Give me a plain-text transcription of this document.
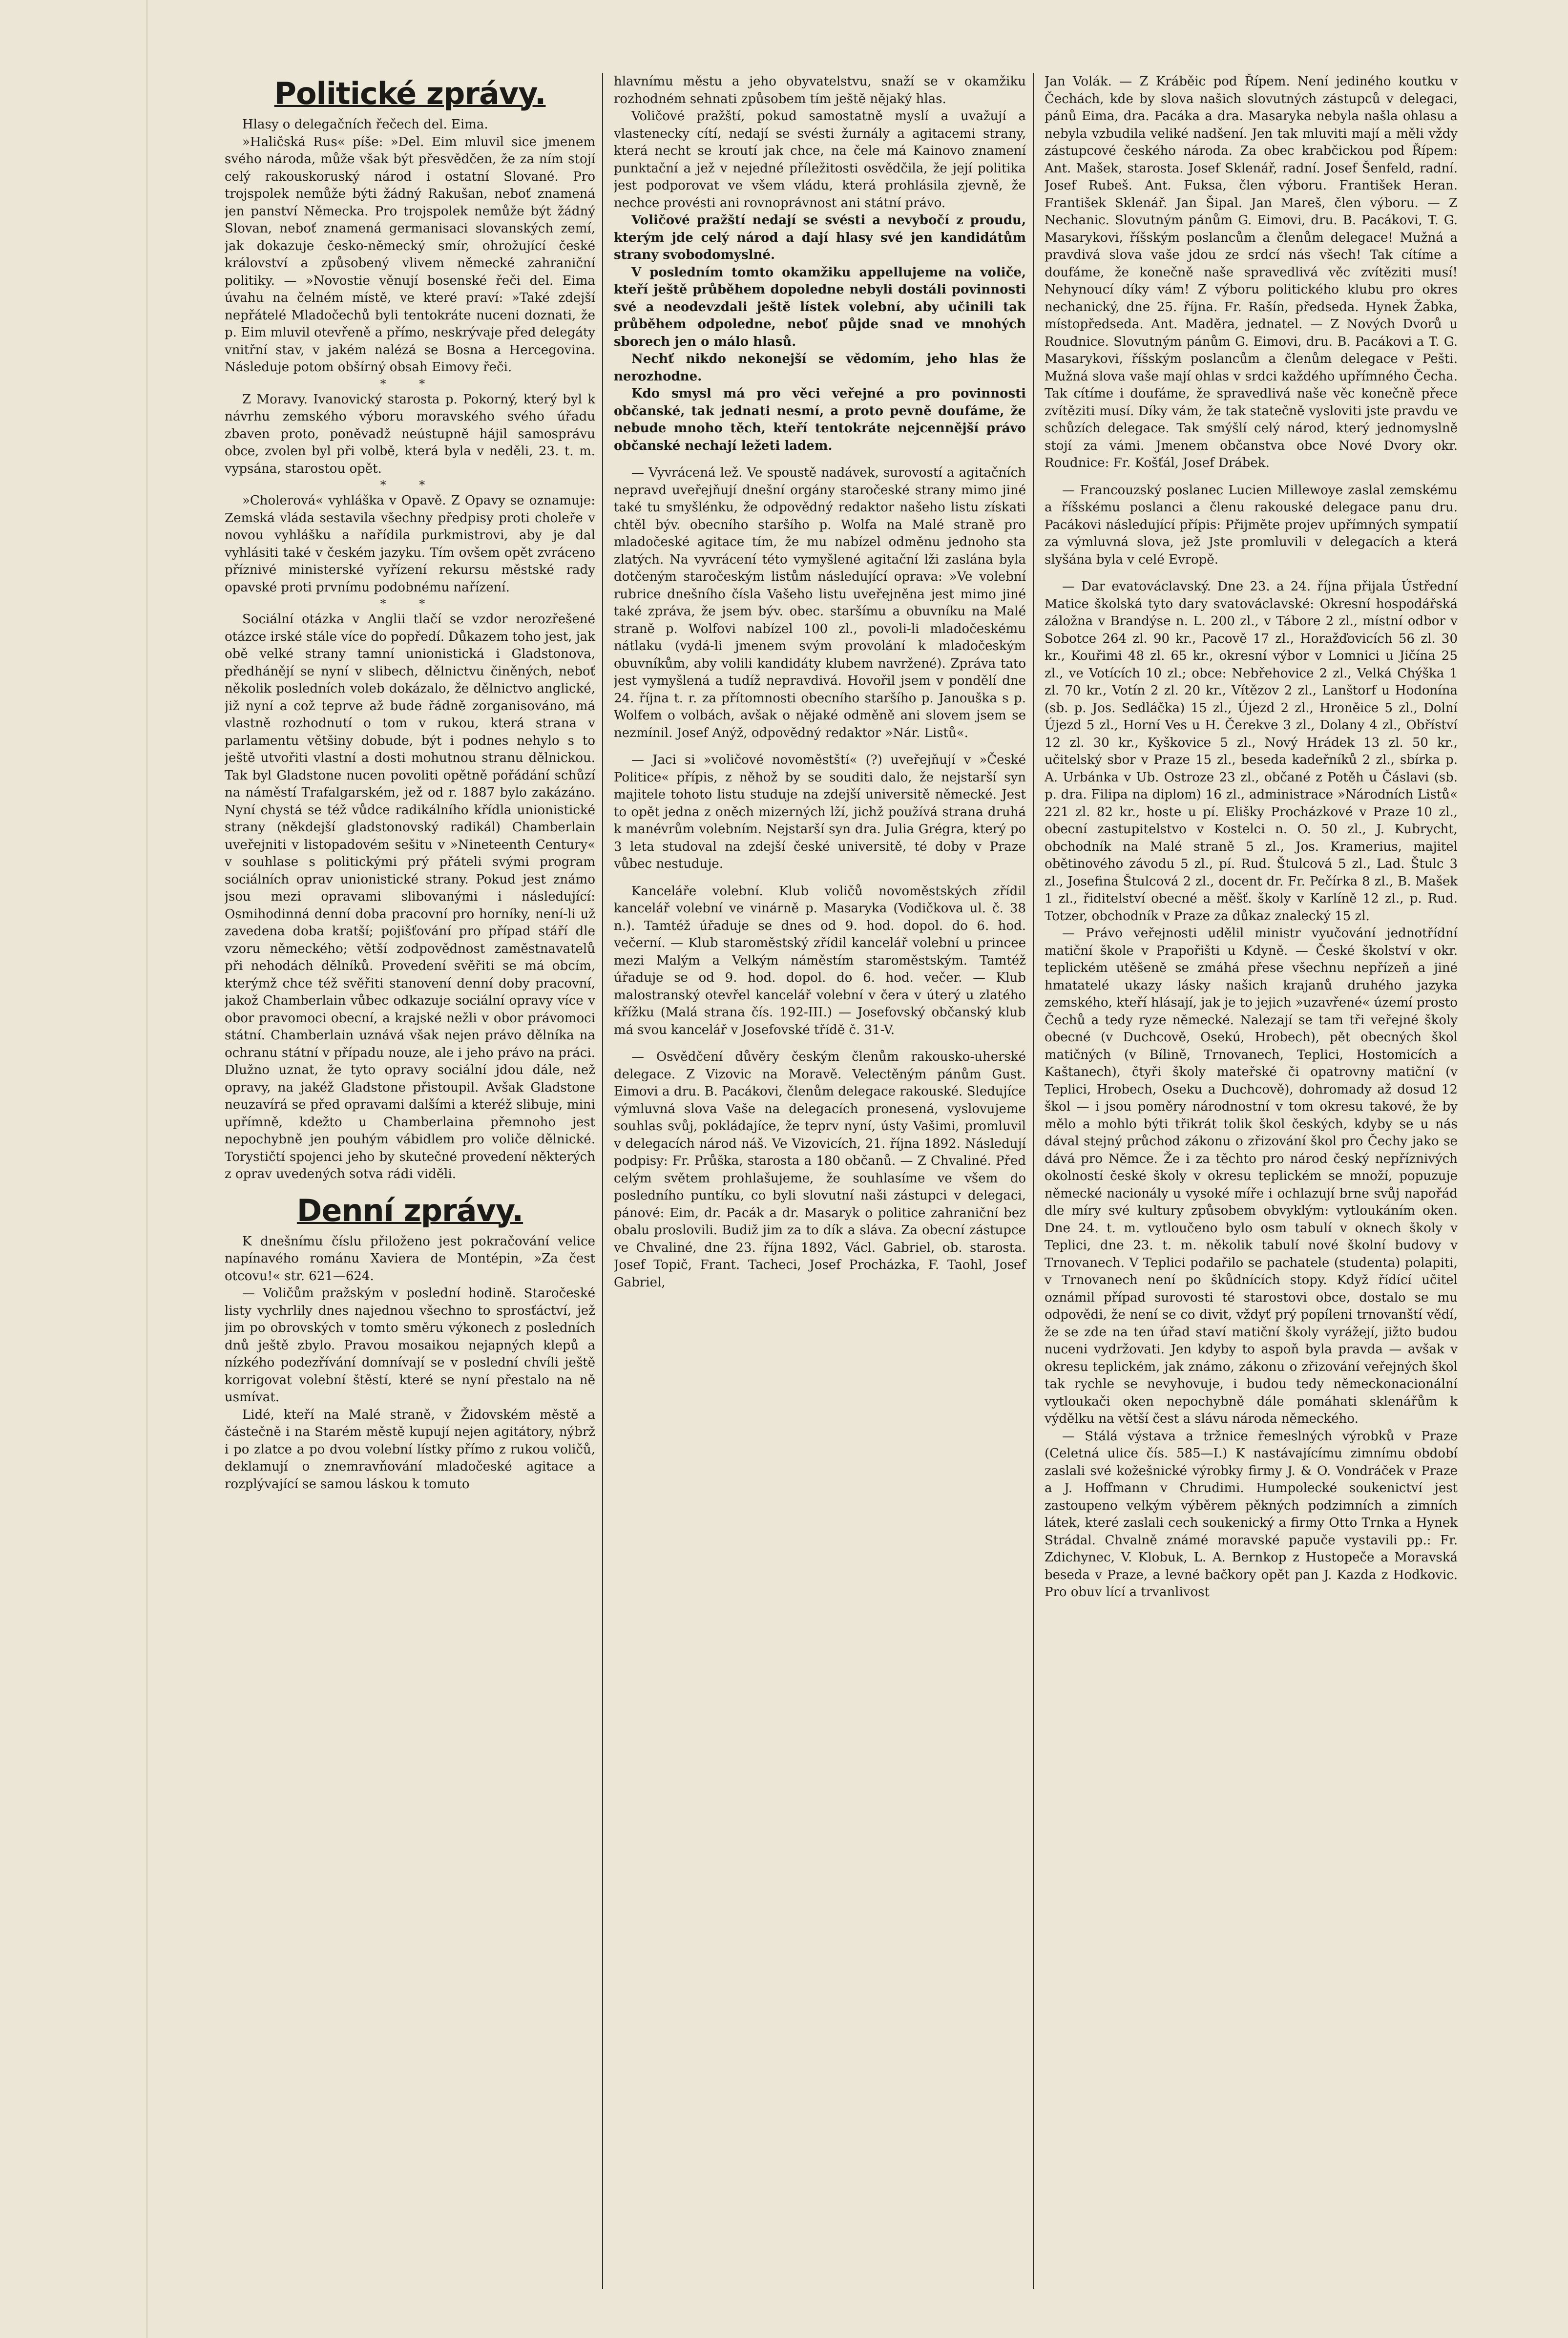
Politické zprávy.

Hlasy o delegačních řečech del. Eima.

»Haličská Rus« píše: »Del. Eim mluvil sice jmenem svého národa, může však být přesvědčen, že za ním stojí celý rakouskoruský národ i ostatní Slované. Pro trojspolek nemůže býti žádný Rakušan, neboť znamená jen panství Německa. Pro trojspolek nemůže být žádný Slovan, neboť znamená germanisaci slovanských zemí, jak dokazuje česko-německý smír, ohrožující české království a způsobený vlivem německé zahraniční politiky. — »Novostie věnují bosenské řeči del. Eima úvahu na čelném místě, ve které praví: »Také zdejší nepřátelé Mladočechů byli tentokráte nuceni doznati, že p. Eim mluvil otevřeně a přímo, neskrývaje před delegáty vnitřní stav, v jakém nalézá se Bosna a Hercegovina. Následuje potom obšírný obsah Eimovy řeči.

* *

Z Moravy. Ivanovický starosta p. Pokorný, který byl k návrhu zemského výboru moravského svého úřadu zbaven proto, poněvadž neústupně hájil samosprávu obce, zvolen byl při volbě, která byla v neděli, 23. t. m. vypsána, starostou opět.

* *

»Cholerová« vyhláška v Opavě. Z Opavy se oznamuje: Zemská vláda sestavila všechny předpisy proti choleře v novou vyhlášku a nařídila purkmistrovi, aby je dal vyhlásiti také v českém jazyku. Tím ovšem opět zvráceno příznivé ministerské vyřízení rekursu městské rady opavské proti prvnímu podobnému nařízení.

* *

Sociální otázka v Anglii tlačí se vzdor nerozřešené otázce irské stále více do popředí. Důkazem toho jest, jak obě velké strany tamní unionistická i Gladstonova, předhánějí se nyní v slibech, dělnictvu činěných, neboť několik posledních voleb dokázalo, že dělnictvo anglické, již nyní a což teprve až bude řádně zorganisováno, má vlastně rozhodnutí o tom v rukou, která strana v parlamentu většiny dobude, být i podnes nehylo s to ještě utvořiti vlastní a dosti mohutnou stranu dělnickou. Tak byl Gladstone nucen povoliti opětně pořádání schůzí na náměstí Trafalgarském, jež od r. 1887 bylo zakázáno. Nyní chystá se též vůdce radikálního křídla unionistické strany (někdejší gladstonovský radikál) Chamberlain uveřejniti v listopadovém sešitu v »Nineteenth Century« v souhlase s politickými prý přáteli svými program sociálních oprav unionistické strany. Pokud jest známo jsou mezi opravami slibovanými i následující: Osmihodinná denní doba pracovní pro horníky, není-li už zavedena doba kratší; pojišťování pro případ stáří dle vzoru německého; větší zodpovědnost zaměstnavatelů při nehodách dělníků. Provedení svěřiti se má obcím, kterýmž chce též svěřiti stanovení denní doby pracovní, jakož Chamberlain vůbec odkazuje sociální opravy více v obor pravomoci obecní, a krajské nežli v obor právomoci státní. Chamberlain uznává však nejen právo dělníka na ochranu státní v případu nouze, ale i jeho právo na práci. Dlužno uznat, že tyto opravy sociální jdou dále, než opravy, na jakéž Gladstone přistoupil. Avšak Gladstone neuzavírá se před opravami dalšími a kteréž slibuje, mini upřímně, kdežto u Chamberlaina přemnoho jest nepochybně jen pouhým vábidlem pro voliče dělnické. Torystičtí spojenci jeho by skutečné provedení některých z oprav uvedených sotva rádi viděli.

Denní zprávy.

K dnešnímu číslu přiloženo jest pokračování velice napínavého románu Xaviera de Montépin, »Za čest otcovu!« str. 621—624.

— Voličům pražským v poslední hodině. Staročeské listy vychrlily dnes najednou všechno to sprosťáctví, jež jim po obrovských v tomto směru výkonech z posledních dnů ještě zbylo. Pravou mosaikou nejapných klepů a nízkého podezřívání domnívají se v poslední chvíli ještě korrigovat volební štěstí, které se nyní přestalo na ně usmívat.

Lidé, kteří na Malé straně, v Židovském městě a částečně i na Starém městě kupují nejen agitátory, nýbrž i po zlatce a po dvou volební lístky přímo z rukou voličů, deklamují o znemravňování mladočeské agitace a rozplývající se samou láskou k tomuto

hlavnímu městu a jeho obyvatelstvu, snaží se v okamžiku rozhodném sehnati způsobem tím ještě nějaký hlas.

Voličové pražští, pokud samostatně myslí a uvažují a vlastenecky cítí, nedají se svésti žurnály a agitacemi strany, která necht se kroutí jak chce, na čele má Kainovo znamení punktační a jež v nejedné příležitosti osvědčila, že její politika jest podporovat ve všem vládu, která prohlásila zjevně, že nechce provésti ani rovnoprávnost ani státní právo.

Voličové pražští nedají se svésti a nevybočí z proudu, kterým jde celý národ a dají hlasy své jen kandidátům strany svobodomyslné.

V posledním tomto okamžiku appellujeme na voliče, kteří ještě průběhem dopoledne nebyli dostáli povinnosti své a neodevzdali ještě lístek volební, aby učinili tak průběhem odpoledne, neboť půjde snad ve mnohých sborech jen o málo hlasů.

Nechť nikdo nekonejší se vědomím, jeho hlas že nerozhodne.

Kdo smysl má pro věci veřejné a pro povinnosti občanské, tak jednati nesmí, a proto pevně doufáme, že nebude mnoho těch, kteří tentokráte nejcennější právo občanské nechají ležeti ladem.

— Vyvrácená lež. Ve spoustě nadávek, surovostí a agitačních nepravd uveřejňují dnešní orgány staročeské strany mimo jiné také tu smyšlénku, že odpovědný redaktor našeho listu získati chtěl býv. obecního staršího p. Wolfa na Malé straně pro mladočeské agitace tím, že mu nabízel odměnu jednoho sta zlatých. Na vyvrácení této vymyšlené agitační lži zaslána byla dotčeným staročeským listům následující oprava: »Ve volební rubrice dnešního čísla Vašeho listu uveřejněna jest mimo jiné také zpráva, že jsem býv. obec. staršímu a obuvníku na Malé straně p. Wolfovi nabízel 100 zl., povoli-li mladočeskému nátlaku (vydá-li jmenem svým provolání k mladočeským obuvníkům, aby volili kandidáty klubem navržené). Zpráva tato jest vymyšlená a tudíž nepravdivá. Hovořil jsem v pondělí dne 24. října t. r. za přítomnosti obecního staršího p. Janouška s p. Wolfem o volbách, avšak o nějaké odměně ani slovem jsem se nezmínil. Josef Anýž, odpovědný redaktor »Nár. Listů«.

— Jaci si »voličové novoměstští« (?) uveřejňují v »České Politice« přípis, z něhož by se souditi dalo, že nejstarší syn majitele tohoto listu studuje na zdejší universitě německé. Jest to opět jedna z oněch mizerných lží, jichž používá strana druhá k manévrům volebním. Nejstarší syn dra. Julia Grégra, který po 3 leta studoval na zdejší české universitě, té doby v Praze vůbec nestuduje.

Kanceláře volební. Klub voličů novoměstských zřídil kancelář volební ve vinárně p. Masaryka (Vodičkova ul. č. 38 n.). Tamtéž úřaduje se dnes od 9. hod. dopol. do 6. hod. večerní. — Klub staroměstský zřídil kancelář volební u princee mezi Malým a Velkým náměstím staroměstským. Tamtéž úřaduje se od 9. hod. dopol. do 6. hod. večer. — Klub malostranský otevřel kancelář volební v čera v úterý u zlatého křížku (Malá strana čís. 192-III.) — Josefovský občanský klub má svou kancelář v Josefovské třídě č. 31-V.

— Osvědčení důvěry českým členům rakousko-uherské delegace. Z Vizovic na Moravě. Velectěným pánům Gust. Eimovi a dru. B. Pacákovi, členům delegace rakouské. Sledujíce výmluvná slova Vaše na delegacích pronesená, vyslovujeme souhlas svůj, pokládajíce, že teprv nyní, ústy Vašimi, promluvil v delegacích národ náš. Ve Vizovicích, 21. října 1892. Následují podpisy: Fr. Průška, starosta a 180 občanů. — Z Chvaliné. Před celým světem prohlašujeme, že souhlasíme ve všem do posledního puntíku, co byli slovutní naši zástupci v delegaci, pánové: Eim, dr. Pacák a dr. Masaryk o politice zahraniční bez obalu proslovili. Budiž jim za to dík a sláva. Za obecní zástupce ve Chvaliné, dne 23. října 1892, Václ. Gabriel, ob. starosta. Josef Topič, Frant. Tacheci, Josef Procházka, F. Taohl, Josef Gabriel,

Jan Volák. — Z Kráběic pod Řípem. Není jediného koutku v Čechách, kde by slova našich slovutných zástupců v delegaci, pánů Eima, dra. Pacáka a dra. Masaryka nebyla našla ohlasu a nebyla vzbudila veliké nadšení. Jen tak mluviti mají a měli vždy zástupcové českého národa. Za obec krabčickou pod Řípem: Ant. Mašek, starosta. Josef Sklenář, radní. Josef Šenfeld, radní. Josef Rubeš. Ant. Fuksa, člen výboru. František Heran. František Sklenář. Jan Šipal. Jan Mareš, člen výboru. — Z Nechanic. Slovutným pánům G. Eimovi, dru. B. Pacákovi, T. G. Masarykovi, říšským poslancům a členům delegace! Mužná a pravdivá slova vaše jdou ze srdcí nás všech! Tak cítíme a doufáme, že konečně naše spravedlivá věc zvítěziti musí! Nehynoucí díky vám! Z výboru politického klubu pro okres nechanický, dne 25. října. Fr. Rašín, předseda. Hynek Žabka, místopředseda. Ant. Maděra, jednatel. — Z Nových Dvorů u Roudnice. Slovutným pánům G. Eimovi, dru. B. Pacákovi a T. G. Masarykovi, říšským poslancům a členům delegace v Pešti. Mužná slova vaše mají ohlas v srdci každého upřímného Čecha. Tak cítíme i doufáme, že spravedlivá naše věc konečně přece zvítěziti musí. Díky vám, že tak statečně vysloviti jste pravdu ve schůzích delegace. Tak smýšlí celý národ, který jednomyslně stojí za vámi. Jmenem občanstva obce Nové Dvory okr. Roudnice: Fr. Košťál, Josef Drábek.

— Francouzský poslanec Lucien Millewoye zaslal zemskému a říšskému poslanci a členu rakouské delegace panu dru. Pacákovi následující přípis: Přijměte projev upřímných sympatií za výmluvná slova, jež Jste promluvili v delegacích a která slyšána byla v celé Evropě.

— Dar evatováclavský. Dne 23. a 24. října přijala Ústřední Matice školská tyto dary svatováclavské: Okresní hospodářská záložna v Brandýse n. L. 200 zl., v Tábore 2 zl., místní odbor v Sobotce 264 zl. 90 kr., Pacově 17 zl., Horažďovicích 56 zl. 30 kr., Kouřimi 48 zl. 65 kr., okresní výbor v Lomnici u Jičína 25 zl., ve Votících 10 zl.; obce: Nebřehovice 2 zl., Velká Chýška 1 zl. 70 kr., Votín 2 zl. 20 kr., Vítězov 2 zl., Lanštorf u Hodonína (sb. p. Jos. Sedláčka) 15 zl., Újezd 2 zl., Hroněice 5 zl., Dolní Újezd 5 zl., Horní Ves u H. Čerekve 3 zl., Dolany 4 zl., Obříství 12 zl. 30 kr., Kyškovice 5 zl., Nový Hrádek 13 zl. 50 kr., učitelský sbor v Praze 15 zl., beseda kadeřníků 2 zl., sbírka p. A. Urbánka v Ub. Ostroze 23 zl., občané z Potěh u Čáslavi (sb. p. dra. Filipa na diplom) 16 zl., administrace »Národních Listů« 221 zl. 82 kr., hoste u pí. Elišky Procházkové v Praze 10 zl., obecní zastupitelstvo v Kostelci n. O. 50 zl., J. Kubrycht, obchodník na Malé straně 5 zl., Jos. Kramerius, majitel obětinového závodu 5 zl., pí. Rud. Štulcová 5 zl., Lad. Štulc 3 zl., Josefina Štulcová 2 zl., docent dr. Fr. Pečírka 8 zl., B. Mašek 1 zl., řiditelství obecné a měšť. školy v Karlíně 12 zl., p. Rud. Totzer, obchodník v Praze za důkaz znalecký 15 zl.

— Právo veřejnosti udělil ministr vyučování jednotřídní matiční škole v Prapořišti u Kdyně. — České školství v okr. teplickém utěšeně se zmáhá přese všechnu nepřízeň a jiné hmatatelé ukazy lásky našich krajanů druhého jazyka zemského, kteří hlásají, jak je to jejich »uzavřené« území prosto Čechů a tedy ryze německé. Nalezají se tam tři veřejné školy obecné (v Duchcově, Osekú, Hrobech), pět obecných škol matičných (v Bílině, Trnovanech, Teplici, Hostomicích a Kaštanech), čtyři školy mateřské či opatrovny matiční (v Teplici, Hrobech, Oseku a Duchcově), dohromady až dosud 12 škol — i jsou poměry národnostní v tom okresu takové, že by mělo a mohlo býti třikrát tolik škol českých, kdyby se u nás dával stejný průchod zákonu o zřizování škol pro Čechy jako se dává pro Němce. Že i za těchto pro národ český nepříznivých okolností české školy v okresu teplickém se množí, popuzuje německé nacionály u vysoké míře i ochlazují brne svůj napořád dle míry své kultury způsobem obvyklým: vytloukáním oken. Dne 24. t. m. vytloučeno bylo osm tabulí v oknech školy v Teplici, dne 23. t. m. několik tabulí nové školní budovy v Trnovanech. V Teplici podařilo se pachatele (studenta) polapiti, v Trnovanech není po škůdnících stopy. Když řídící učitel oznámil případ surovosti té starostovi obce, dostalo se mu odpovědi, že není se co divit, vždyť prý popíleni trnovanští vědí, že se zde na ten úřad staví matiční školy vyrážejí, jižto budou nuceni vydržovati. Jen kdyby to aspoň byla pravda — avšak v okresu teplickém, jak známo, zákonu o zřizování veřejných škol tak rychle se nevyhovuje, i budou tedy německonacionální vytloukači oken nepochybně dále pomáhati sklenářům k výdělku na větší čest a slávu národa německého.

— Stálá výstava a tržnice řemeslných výrobků v Praze (Celetná ulice čís. 585—I.) K nastávajícímu zimnímu období zaslali své kožešnické výrobky firmy J. & O. Vondráček v Praze a J. Hoffmann v Chrudimi. Humpolecké soukenictví jest zastoupeno velkým výběrem pěkných podzimních a zimních látek, které zaslali cech soukenický a firmy Otto Trnka a Hynek Strádal. Chvalně známé moravské papuče vystavili pp.: Fr. Zdichynec, V. Klobuk, L. A. Bernkop z Hustopeče a Moravská beseda v Praze, a levné bačkory opět pan J. Kazda z Hodkovic. Pro obuv lící a trvanlivost
